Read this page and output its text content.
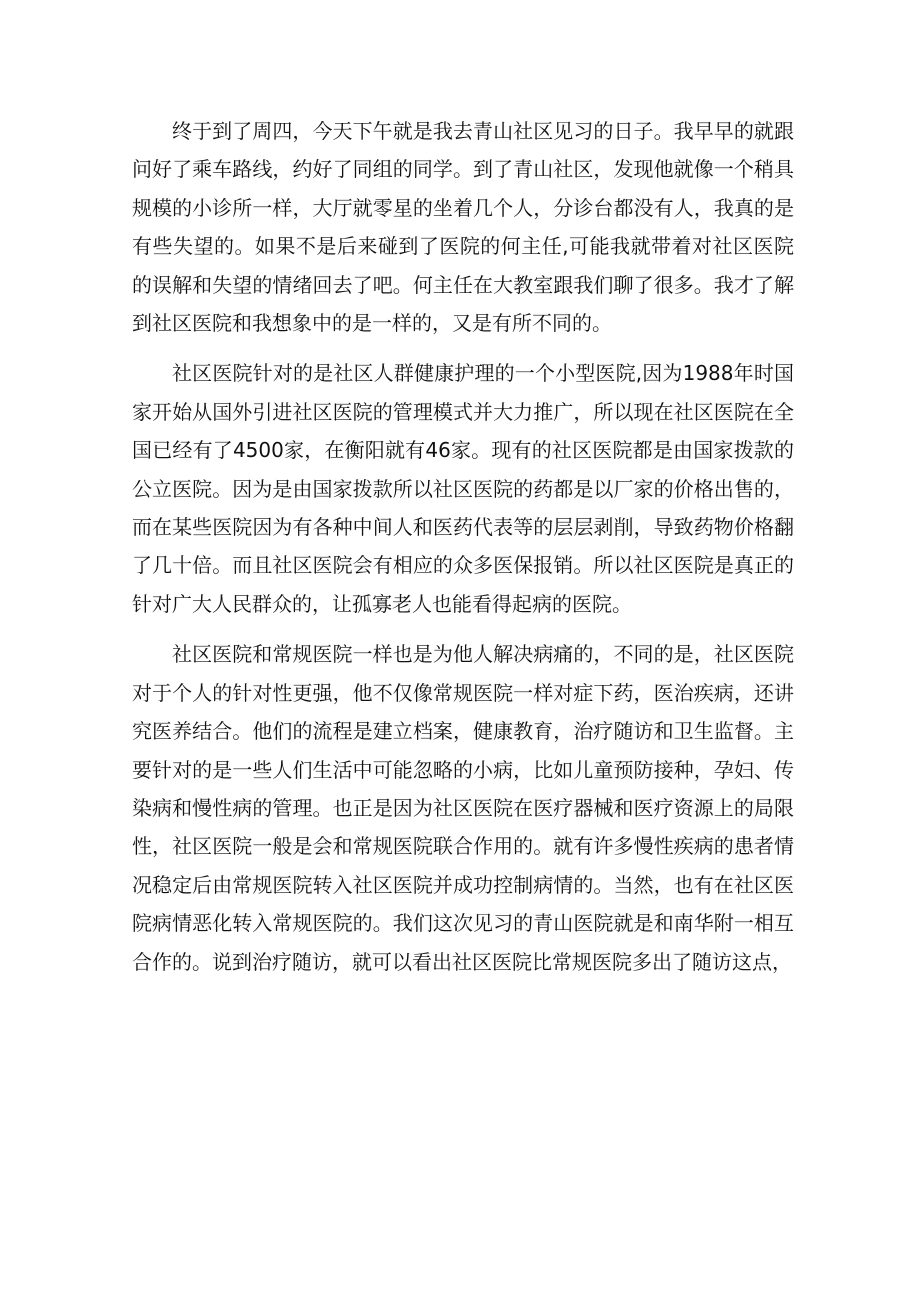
终于到了周四，今天下午就是我去青山社区见习的日子。我早早的就跟问好了乘车路线，约好了同组的同学。到了青山社区，发现他就像一个稍具规模的小诊所一样，大厅就零星的坐着几个人，分诊台都没有人，我真的是有些失望的。如果不是后来碰到了医院的何主任,可能我就带着对社区医院的误解和失望的情绪回去了吧。何主任在大教室跟我们聊了很多。我才了解到社区医院和我想象中的是一样的，又是有所不同的。

社区医院针对的是社区人群健康护理的一个小型医院,因为1988年时国家开始从国外引进社区医院的管理模式并大力推广，所以现在社区医院在全国已经有了4500家，在衡阳就有46家。现有的社区医院都是由国家拨款的公立医院。因为是由国家拨款所以社区医院的药都是以厂家的价格出售的，而在某些医院因为有各种中间人和医药代表等的层层剥削，导致药物价格翻了几十倍。而且社区医院会有相应的众多医保报销。所以社区医院是真正的针对广大人民群众的，让孤寡老人也能看得起病的医院。

社区医院和常规医院一样也是为他人解决病痛的，不同的是，社区医院对于个人的针对性更强，他不仅像常规医院一样对症下药，医治疾病，还讲究医养结合。他们的流程是建立档案，健康教育，治疗随访和卫生监督。主要针对的是一些人们生活中可能忽略的小病，比如儿童预防接种，孕妇、传染病和慢性病的管理。也正是因为社区医院在医疗器械和医疗资源上的局限性，社区医院一般是会和常规医院联合作用的。就有许多慢性疾病的患者情况稳定后由常规医院转入社区医院并成功控制病情的。当然，也有在社区医院病情恶化转入常规医院的。我们这次见习的青山医院就是和南华附一相互合作的。说到治疗随访，就可以看出社区医院比常规医院多出了随访这点，
